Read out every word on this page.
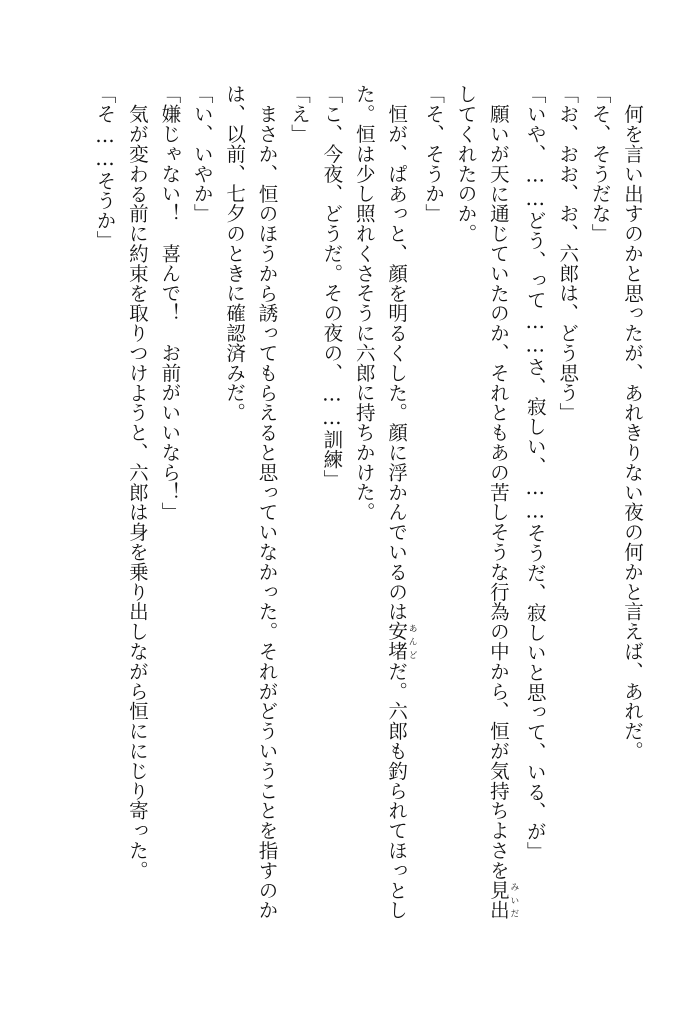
何を言い出すのかと思ったが、あれきりない夜の何かと言えば、あれだ。
「そ、そうだな」
「お、おお、お、六郎は、どう思う」
「いや、……どう、って……さ、寂しい、……そうだ、寂しいと思って、いる、が」
願いが天に通じていたのか、それともあの苦しそうな行為の中から、恒が気持ちよさを見出みいだ
してくれたのか。
「そ、そうか」
恒が、ぱあっと、顔を明るくした。顔に浮かんでいるのは安堵あんどだ。六郎も釣られてほっとし
た。恒は少し照れくさそうに六郎に持ちかけた。
「こ、今夜、どうだ。その夜の、……訓練」
「え」
まさか、恒のほうから誘ってもらえると思っていなかった。それがどういうことを指すのか
は、以前、七夕のときに確認済みだ。
「い、いやか」
「嫌じゃない！　喜んで！　お前がいいなら！」
気が変わる前に約束を取りつけようと、六郎は身を乗り出しながら恒ににじり寄った。
「そ……そうか」
